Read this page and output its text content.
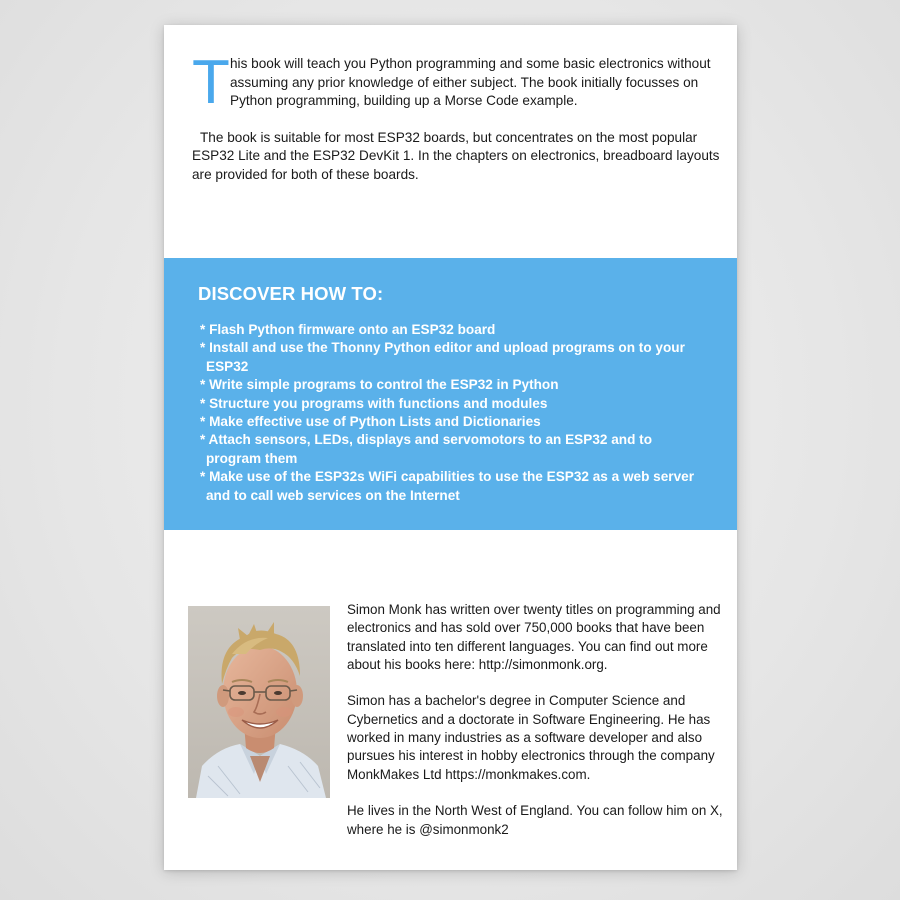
T his book will teach you Python programming and some basic electronics without assuming any prior knowledge of either subject. The book initially focusses on Python programming, building up a Morse Code example.

The book is suitable for most ESP32 boards, but concentrates on the most popular ESP32 Lite and the ESP32 DevKit 1. In the chapters on electronics, breadboard layouts are provided for both of these boards.

DISCOVER HOW TO:
* Flash Python firmware onto an ESP32 board
* Install and use the Thonny Python editor and upload programs on to your ESP32
* Write simple programs to control the ESP32 in Python
* Structure you programs with functions and modules
* Make effective use of Python Lists and Dictionaries
* Attach sensors, LEDs, displays and servomotors to an ESP32 and to program them
* Make use of the ESP32s WiFi capabilities to use the ESP32 as a web server and to call web services on the Internet

Simon Monk has written over twenty titles on programming and electronics and has sold over 750,000 books that have been translated into ten different languages. You can find out more about his books here: http://simonmonk.org.

Simon has a bachelor's degree in Computer Science and Cybernetics and a doctorate in Software Engineering. He has worked in many industries as a software developer and also pursues his interest in hobby electronics through the company MonkMakes Ltd https://monkmakes.com.

He lives in the North West of England. You can follow him on X, where he is @simonmonk2
